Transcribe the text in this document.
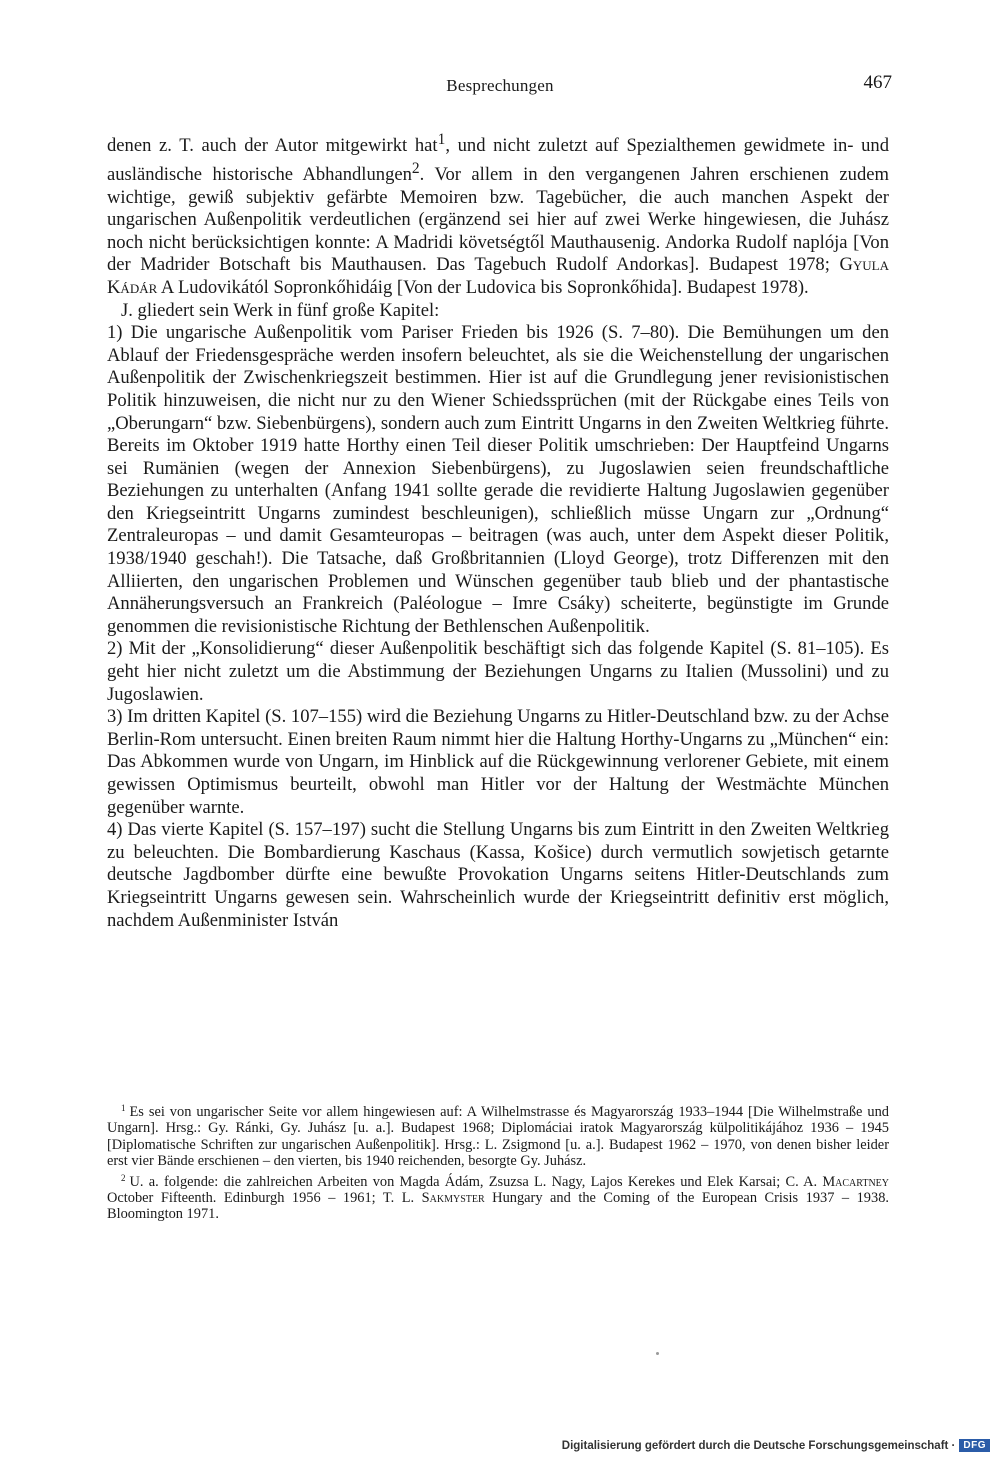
Besprechungen	467

denen z. T. auch der Autor mitgewirkt hat$^1$, und nicht zuletzt auf Spezialthemen gewidmete in- und ausländische historische Abhandlungen$^2$. Vor allem in den vergangenen Jahren erschienen zudem wichtige, gewiß subjektiv gefärbte Memoiren bzw. Tagebücher, die auch manchen Aspekt der ungarischen Außenpolitik verdeutlichen (ergänzend sei hier auf zwei Werke hingewiesen, die Juhász noch nicht berücksichtigen konnte: A Madridi követségtől Mauthausenig. Andorka Rudolf naplója [Von der Madrider Botschaft bis Mauthausen. Das Tagebuch Rudolf Andorkas]. Budapest 1978; Gyula Kádár A Ludovikától Sopronkőhidáig [Von der Ludovica bis Sopronkőhida]. Budapest 1978).

J. gliedert sein Werk in fünf große Kapitel:

1) Die ungarische Außenpolitik vom Pariser Frieden bis 1926 (S. 7–80). Die Bemühungen um den Ablauf der Friedensgespräche werden insofern beleuchtet, als sie die Weichenstellung der ungarischen Außenpolitik der Zwischenkriegszeit bestimmen. Hier ist auf die Grundlegung jener revisionistischen Politik hinzuweisen, die nicht nur zu den Wiener Schiedssprüchen (mit der Rückgabe eines Teils von „Oberungarn“ bzw. Siebenbürgens), sondern auch zum Eintritt Ungarns in den Zweiten Weltkrieg führte. Bereits im Oktober 1919 hatte Horthy einen Teil dieser Politik umschrieben: Der Hauptfeind Ungarns sei Rumänien (wegen der Annexion Siebenbürgens), zu Jugoslawien seien freundschaftliche Beziehungen zu unterhalten (Anfang 1941 sollte gerade die revidierte Haltung Jugoslawien gegenüber den Kriegseintritt Ungarns zumindest beschleunigen), schließlich müsse Ungarn zur „Ordnung“ Zentraleuropas – und damit Gesamteuropas – beitragen (was auch, unter dem Aspekt dieser Politik, 1938/1940 geschah!). Die Tatsache, daß Großbritannien (Lloyd George), trotz Differenzen mit den Alliierten, den ungarischen Problemen und Wünschen gegenüber taub blieb und der phantastische Annäherungsversuch an Frankreich (Paléologue – Imre Csáky) scheiterte, begünstigte im Grunde genommen die revisionistische Richtung der Bethlenschen Außenpolitik.

2) Mit der „Konsolidierung“ dieser Außenpolitik beschäftigt sich das folgende Kapitel (S. 81–105). Es geht hier nicht zuletzt um die Abstimmung der Beziehungen Ungarns zu Italien (Mussolini) und zu Jugoslawien.

3) Im dritten Kapitel (S. 107–155) wird die Beziehung Ungarns zu Hitler-Deutschland bzw. zu der Achse Berlin-Rom untersucht. Einen breiten Raum nimmt hier die Haltung Horthy-Ungarns zu „München“ ein: Das Abkommen wurde von Ungarn, im Hinblick auf die Rückgewinnung verlorener Gebiete, mit einem gewissen Optimismus beurteilt, obwohl man Hitler vor der Haltung der Westmächte München gegenüber warnte.

4) Das vierte Kapitel (S. 157–197) sucht die Stellung Ungarns bis zum Eintritt in den Zweiten Weltkrieg zu beleuchten. Die Bombardierung Kaschaus (Kassa, Košice) durch vermutlich sowjetisch getarnte deutsche Jagdbomber dürfte eine bewußte Provokation Ungarns seitens Hitler-Deutschlands zum Kriegseintritt Ungarns gewesen sein. Wahrscheinlich wurde der Kriegseintritt definitiv erst möglich, nachdem Außenminister István

$^1$ Es sei von ungarischer Seite vor allem hingewiesen auf: A Wilhelmstrasse és Magyarország 1933–1944 [Die Wilhelmstraße und Ungarn]. Hrsg.: Gy. Ránki, Gy. Juhász [u. a.]. Budapest 1968; Diplomáciai iratok Magyarország külpolitikájához 1936 – 1945 [Diplomatische Schriften zur ungarischen Außenpolitik]. Hrsg.: L. Zsigmond [u. a.]. Budapest 1962 – 1970, von denen bisher leider erst vier Bände erschienen – den vierten, bis 1940 reichenden, besorgte Gy. Juhász.

$^2$ U. a. folgende: die zahlreichen Arbeiten von Magda Ádám, Zsuzsa L. Nagy, Lajos Kerekes und Elek Karsai; C. A. Macartney October Fifteenth. Edinburgh 1956 – 1961; T. L. Sakmyster Hungary and the Coming of the European Crisis 1937 – 1938. Bloomington 1971.

Digitalisierung gefördert durch die Deutsche Forschungsgemeinschaft · DFG
